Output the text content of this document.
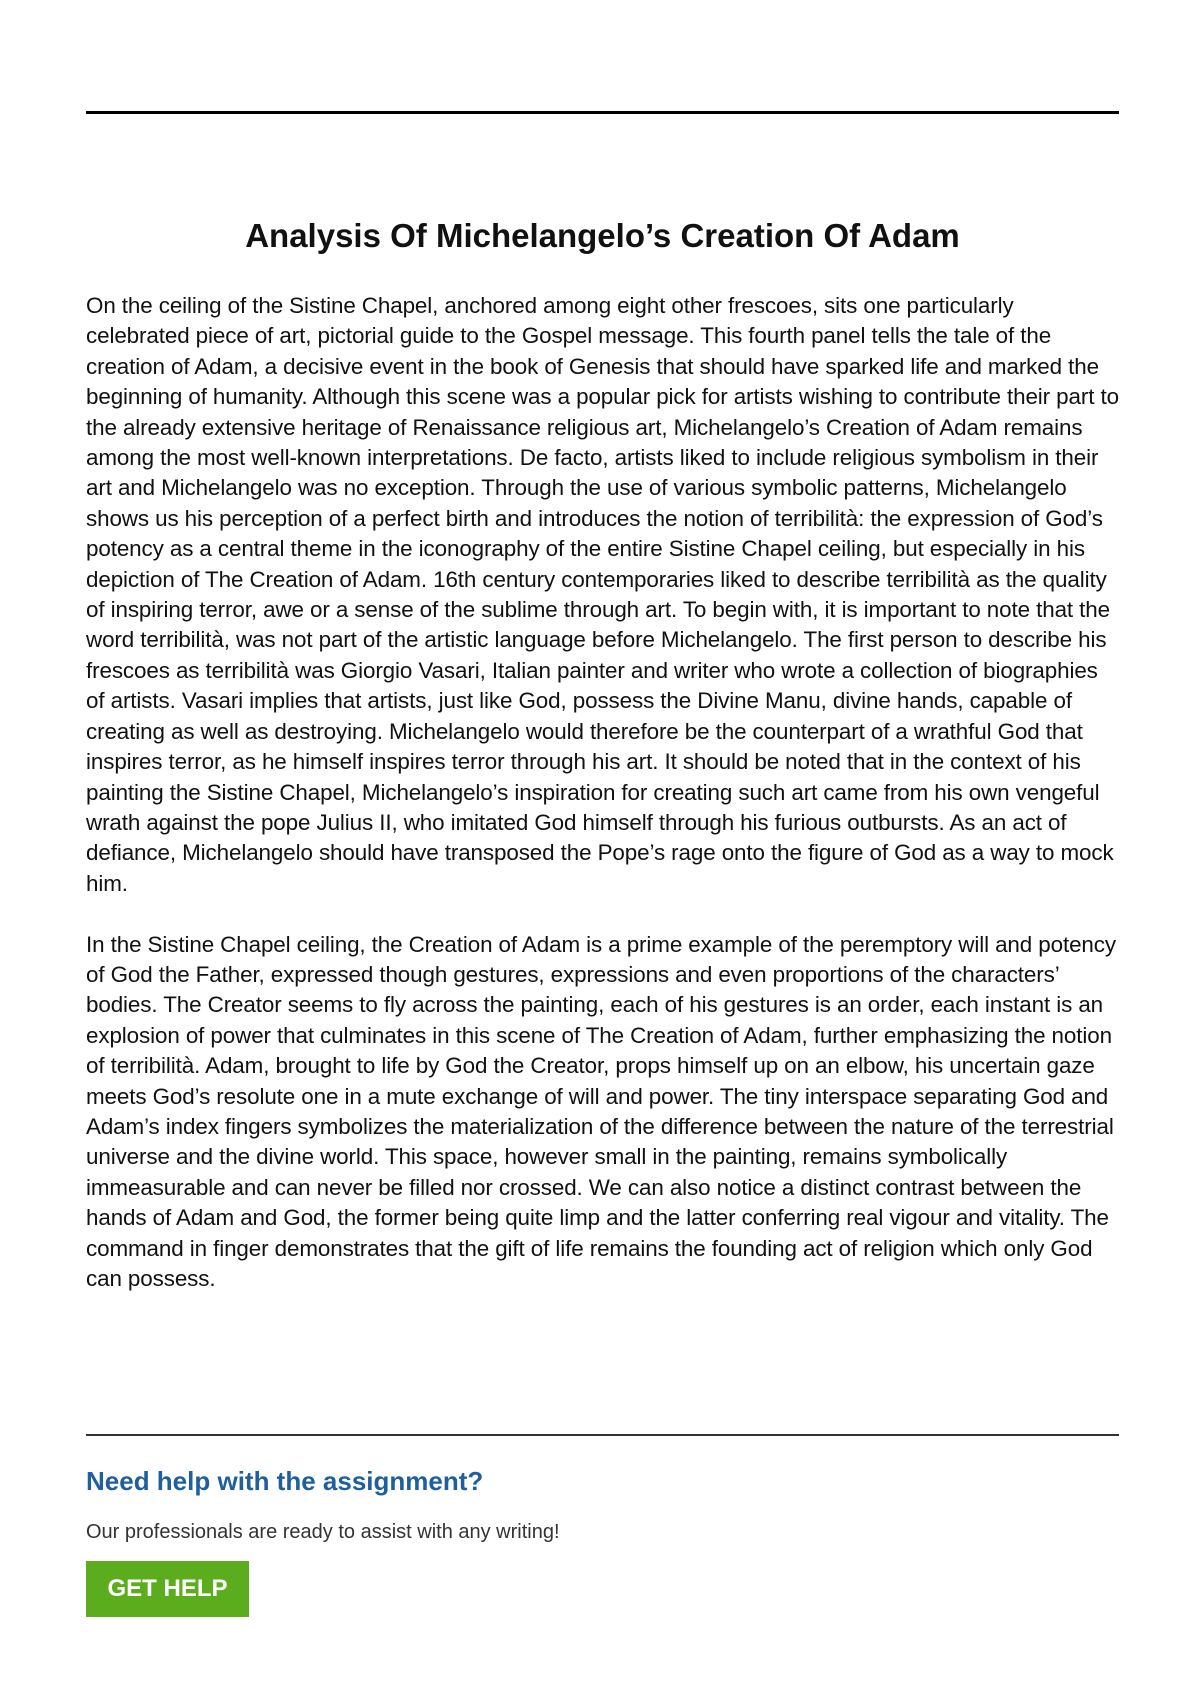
Analysis Of Michelangelo’s Creation Of Adam

On the ceiling of the Sistine Chapel, anchored among eight other frescoes, sits one particularly celebrated piece of art, pictorial guide to the Gospel message. This fourth panel tells the tale of the creation of Adam, a decisive event in the book of Genesis that should have sparked life and marked the beginning of humanity. Although this scene was a popular pick for artists wishing to contribute their part to the already extensive heritage of Renaissance religious art, Michelangelo’s Creation of Adam remains among the most well-known interpretations. De facto, artists liked to include religious symbolism in their art and Michelangelo was no exception. Through the use of various symbolic patterns, Michelangelo shows us his perception of a perfect birth and introduces the notion of terribilità: the expression of God’s potency as a central theme in the iconography of the entire Sistine Chapel ceiling, but especially in his depiction of The Creation of Adam. 16th century contemporaries liked to describe terribilità as the quality of inspiring terror, awe or a sense of the sublime through art. To begin with, it is important to note that the word terribilità, was not part of the artistic language before Michelangelo. The first person to describe his frescoes as terribilità was Giorgio Vasari, Italian painter and writer who wrote a collection of biographies of artists. Vasari implies that artists, just like God, possess the Divine Manu, divine hands, capable of creating as well as destroying. Michelangelo would therefore be the counterpart of a wrathful God that inspires terror, as he himself inspires terror through his art. It should be noted that in the context of his painting the Sistine Chapel, Michelangelo’s inspiration for creating such art came from his own vengeful wrath against the pope Julius II, who imitated God himself through his furious outbursts. As an act of defiance, Michelangelo should have transposed the Pope’s rage onto the figure of God as a way to mock him.

In the Sistine Chapel ceiling, the Creation of Adam is a prime example of the peremptory will and potency of God the Father, expressed though gestures, expressions and even proportions of the characters’ bodies. The Creator seems to fly across the painting, each of his gestures is an order, each instant is an explosion of power that culminates in this scene of The Creation of Adam, further emphasizing the notion of terribilità. Adam, brought to life by God the Creator, props himself up on an elbow, his uncertain gaze meets God’s resolute one in a mute exchange of will and power. The tiny interspace separating God and Adam’s index fingers symbolizes the materialization of the difference between the nature of the terrestrial universe and the divine world. This space, however small in the painting, remains symbolically immeasurable and can never be filled nor crossed. We can also notice a distinct contrast between the hands of Adam and God, the former being quite limp and the latter conferring real vigour and vitality. The command in finger demonstrates that the gift of life remains the founding act of religion which only God can possess.

Need help with the assignment?

Our professionals are ready to assist with any writing!

GET HELP
